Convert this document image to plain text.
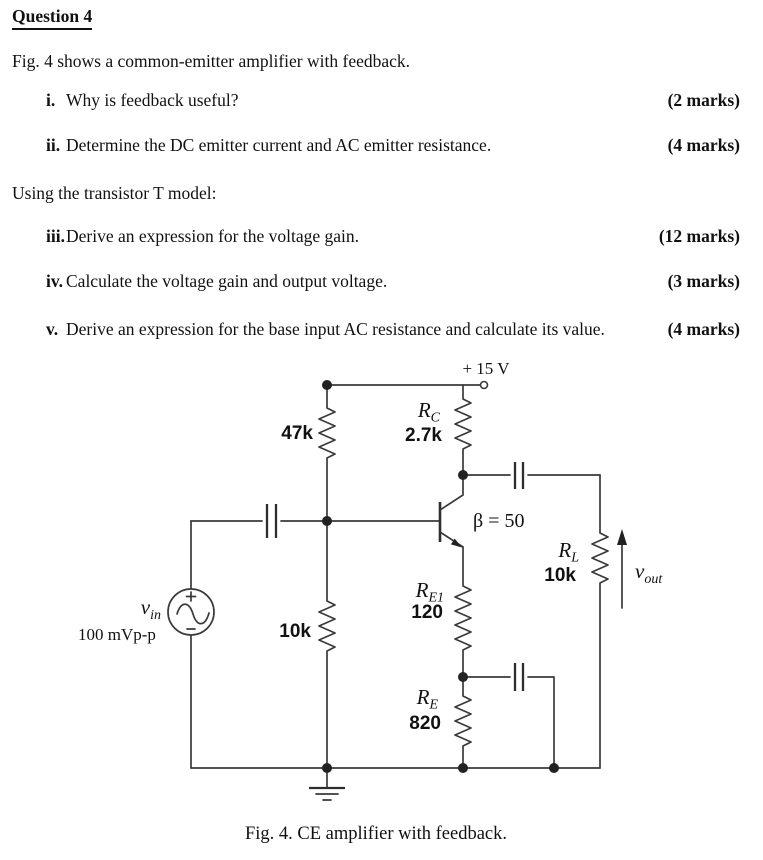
Question 4
Fig. 4 shows a common-emitter amplifier with feedback.
i. Why is feedback useful?	(2 marks)
ii. Determine the DC emitter current and AC emitter resistance.	(4 marks)
Using the transistor T model:
iii. Derive an expression for the voltage gain.	(12 marks)
iv. Calculate the voltage gain and output voltage.	(3 marks)
v. Derive an expression for the base input AC resistance and calculate its value.	(4 marks)
+ 15 V
47k
RC
2.7k
β = 50
RL
10k	vout
RE1
120
RE
820
10k
vin
100 mVp-p
Fig. 4. CE amplifier with feedback.
